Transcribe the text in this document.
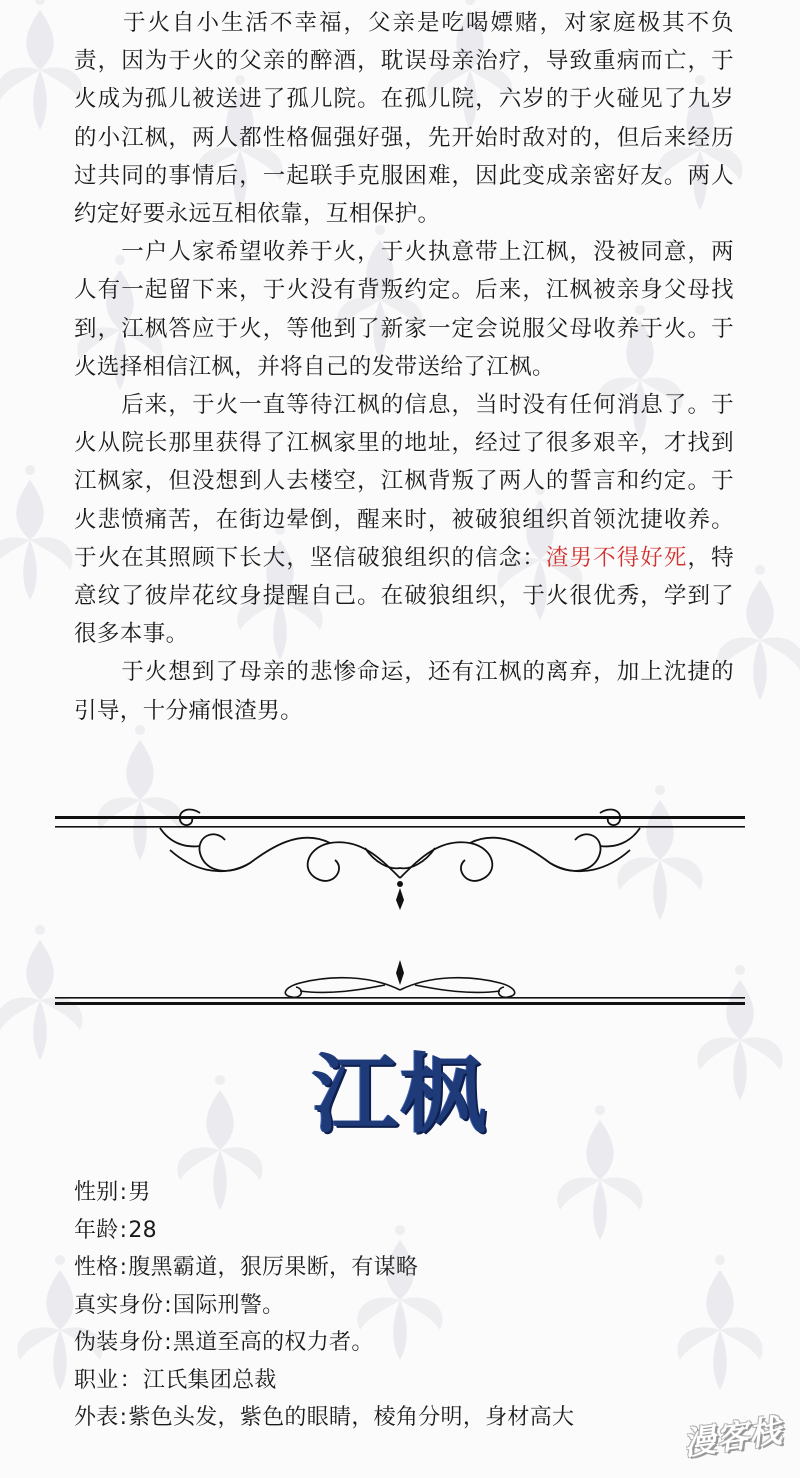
　　于火自小生活不幸福，父亲是吃喝嫖赌，对家庭极其不负责，因为于火的父亲的醉酒，耽误母亲治疗，导致重病而亡，于火成为孤儿被送进了孤儿院。在孤儿院，六岁的于火碰见了九岁的小江枫，两人都性格倔强好强，先开始时敌对的，但后来经历过共同的事情后，一起联手克服困难，因此变成亲密好友。两人约定好要永远互相依靠，互相保护。

　　一户人家希望收养于火，于火执意带上江枫，没被同意，两人有一起留下来，于火没有背叛约定。后来，江枫被亲身父母找到，江枫答应于火，等他到了新家一定会说服父母收养于火。于火选择相信江枫，并将自己的发带送给了江枫。

　　后来，于火一直等待江枫的信息，当时没有任何消息了。于火从院长那里获得了江枫家里的地址，经过了很多艰辛，才找到江枫家，但没想到人去楼空，江枫背叛了两人的誓言和约定。于火悲愤痛苦，在街边晕倒，醒来时，被破狼组织首领沈捷收养。于火在其照顾下长大，坚信破狼组织的信念：渣男不得好死，特意纹了彼岸花纹身提醒自己。在破狼组织，于火很优秀，学到了很多本事。

　　于火想到了母亲的悲惨命运，还有江枫的离弃，加上沈捷的引导，十分痛恨渣男。

江枫
性别 : 男
年龄 : 28
性格 : 腹黑霸道，狠厉果断，有谋略
真实身份 : 国际刑警。
伪装身份 : 黑道至高的权力者。
职业 ： 江氏集团总裁
外表 : 紫色头发，紫色的眼睛，棱角分明，身材高大	漫客栈
